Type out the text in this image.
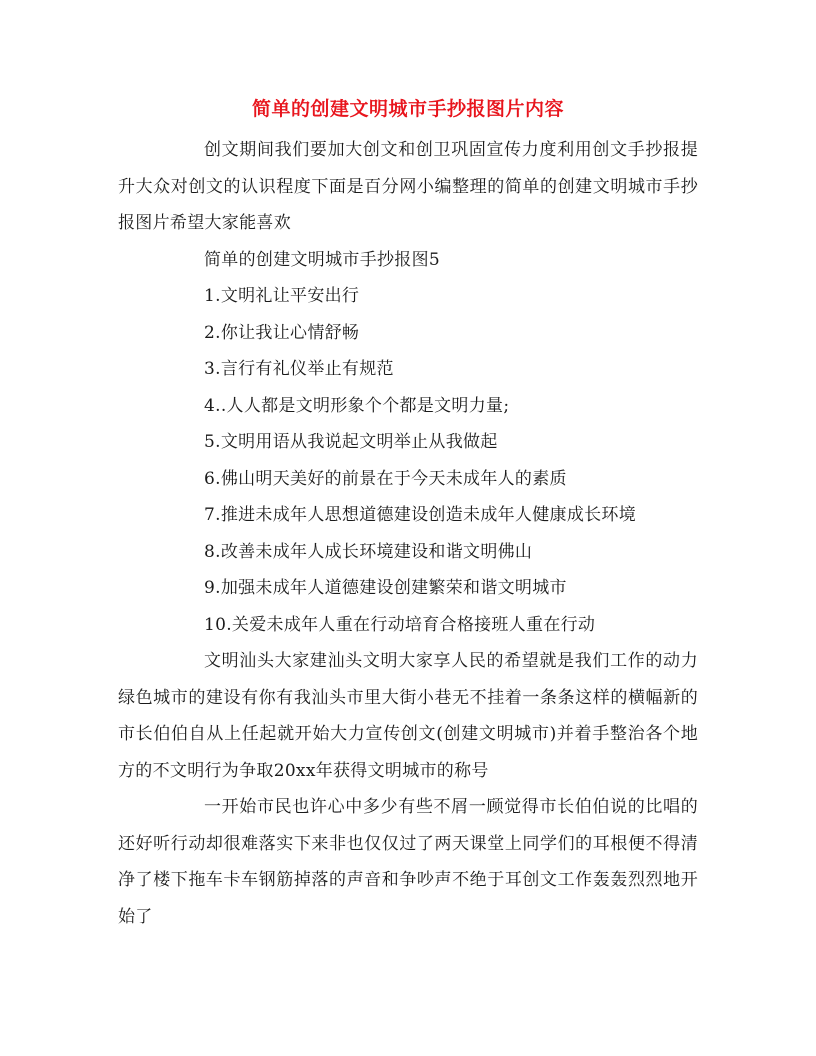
简单的创建文明城市手抄报图片内容

创文期间我们要加大创文和创卫巩固宣传力度利用创文手抄报提升大众对创文的认识程度下面是百分网小编整理的简单的创建文明城市手抄报图片希望大家能喜欢

简单的创建文明城市手抄报图5

1.文明礼让平安出行

2.你让我让心情舒畅

3.言行有礼仪举止有规范

4..人人都是文明形象个个都是文明力量;

5.文明用语从我说起文明举止从我做起

6.佛山明天美好的前景在于今天未成年人的素质

7.推进未成年人思想道德建设创造未成年人健康成长环境

8.改善未成年人成长环境建设和谐文明佛山

9.加强未成年人道德建设创建繁荣和谐文明城市

10.关爱未成年人重在行动培育合格接班人重在行动

文明汕头大家建汕头文明大家享人民的希望就是我们工作的动力绿色城市的建设有你有我汕头市里大街小巷无不挂着一条条这样的横幅新的市长伯伯自从上任起就开始大力宣传创文(创建文明城市)并着手整治各个地方的不文明行为争取20xx年获得文明城市的称号

一开始市民也许心中多少有些不屑一顾觉得市长伯伯说的比唱的还好听行动却很难落实下来非也仅仅过了两天课堂上同学们的耳根便不得清净了楼下拖车卡车钢筋掉落的声音和争吵声不绝于耳创文工作轰轰烈烈地开始了
